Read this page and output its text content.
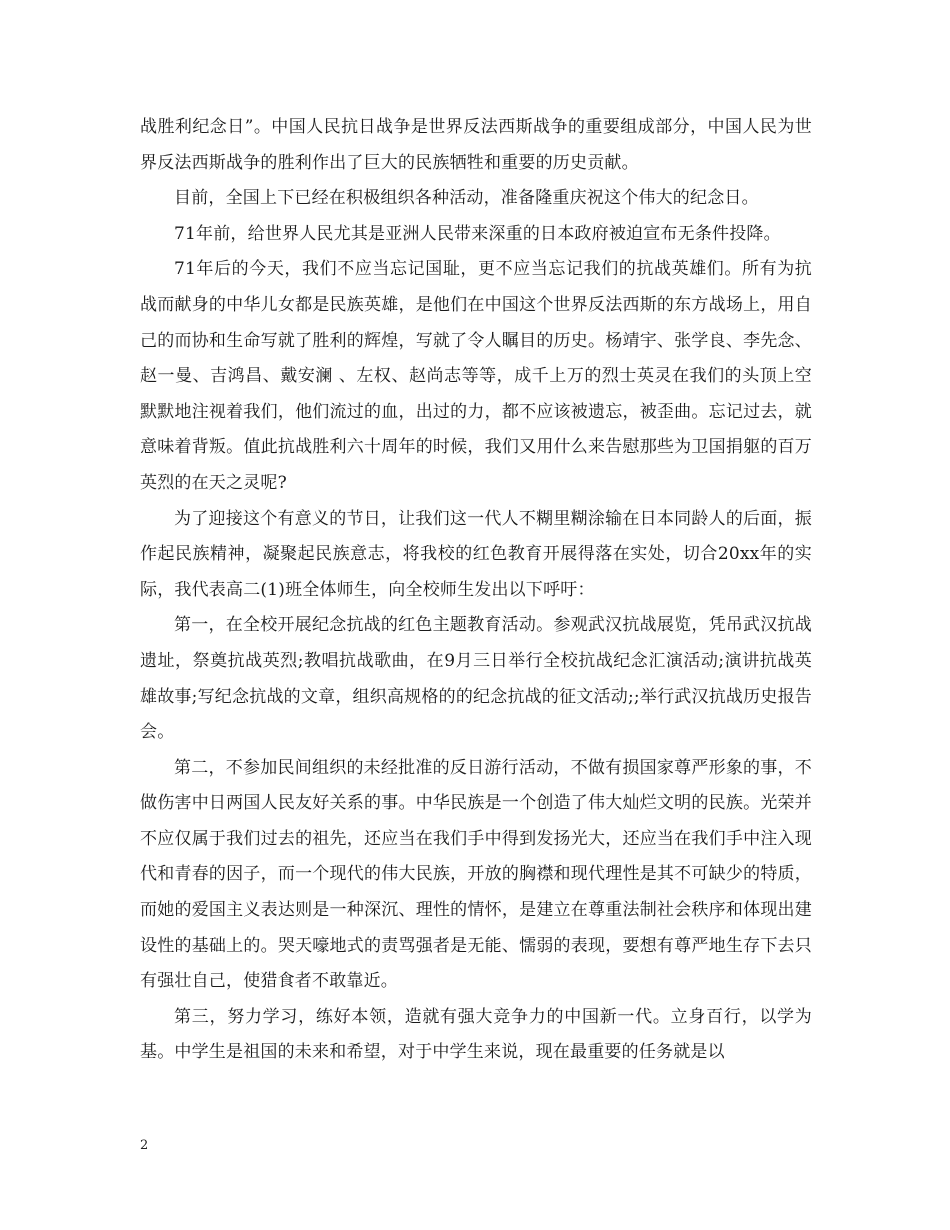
战胜利纪念日”。中国人民抗日战争是世界反法西斯战争的重要组成部分，中国人民为世界反法西斯战争的胜利作出了巨大的民族牺牲和重要的历史贡献。

目前，全国上下已经在积极组织各种活动，准备隆重庆祝这个伟大的纪念日。

71年前，给世界人民尤其是亚洲人民带来深重的日本政府被迫宣布无条件投降。

71年后的今天，我们不应当忘记国耻，更不应当忘记我们的抗战英雄们。所有为抗战而献身的中华儿女都是民族英雄，是他们在中国这个世界反法西斯的东方战场上，用自己的而协和生命写就了胜利的辉煌，写就了令人瞩目的历史。杨靖宇、张学良、李先念、赵一曼、吉鸿昌、戴安澜 、左权、赵尚志等等，成千上万的烈士英灵在我们的头顶上空默默地注视着我们，他们流过的血，出过的力，都不应该被遗忘，被歪曲。忘记过去，就意味着背叛。值此抗战胜利六十周年的时候，我们又用什么来告慰那些为卫国捐躯的百万英烈的在天之灵呢?

为了迎接这个有意义的节日，让我们这一代人不糊里糊涂输在日本同龄人的后面，振作起民族精神，凝聚起民族意志，将我校的红色教育开展得落在实处，切合20xx年的实际，我代表高二(1)班全体师生，向全校师生发出以下呼吁：

第一，在全校开展纪念抗战的红色主题教育活动。参观武汉抗战展览，凭吊武汉抗战遗址，祭奠抗战英烈;教唱抗战歌曲，在9月三日举行全校抗战纪念汇演活动;演讲抗战英雄故事;写纪念抗战的文章，组织高规格的的纪念抗战的征文活动;;举行武汉抗战历史报告会。

第二，不参加民间组织的未经批准的反日游行活动，不做有损国家尊严形象的事，不做伤害中日两国人民友好关系的事。中华民族是一个创造了伟大灿烂文明的民族。光荣并不应仅属于我们过去的祖先，还应当在我们手中得到发扬光大，还应当在我们手中注入现代和青春的因子，而一个现代的伟大民族，开放的胸襟和现代理性是其不可缺少的特质，而她的爱国主义表达则是一种深沉、理性的情怀，是建立在尊重法制社会秩序和体现出建设性的基础上的。哭天嚎地式的责骂强者是无能、懦弱的表现，要想有尊严地生存下去只有强壮自己，使猎食者不敢靠近。

第三，努力学习，练好本领，造就有强大竞争力的中国新一代。立身百行，以学为基。中学生是祖国的未来和希望，对于中学生来说，现在最重要的任务就是以

2
